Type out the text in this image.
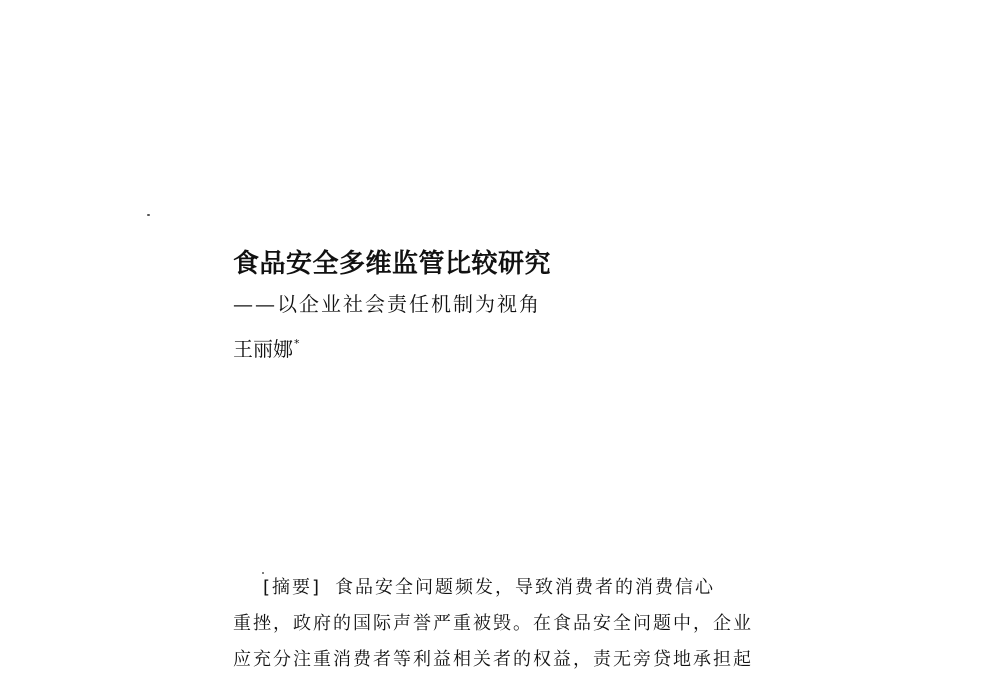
食品安全多维监管比较研究
——以企业社会责任机制为视角
王丽娜*
[摘要] 食品安全问题频发，导致消费者的消费信心
重挫，政府的国际声誉严重被毁。在食品安全问题中，企业
应充分注重消费者等利益相关者的权益，责无旁贷地承担起
